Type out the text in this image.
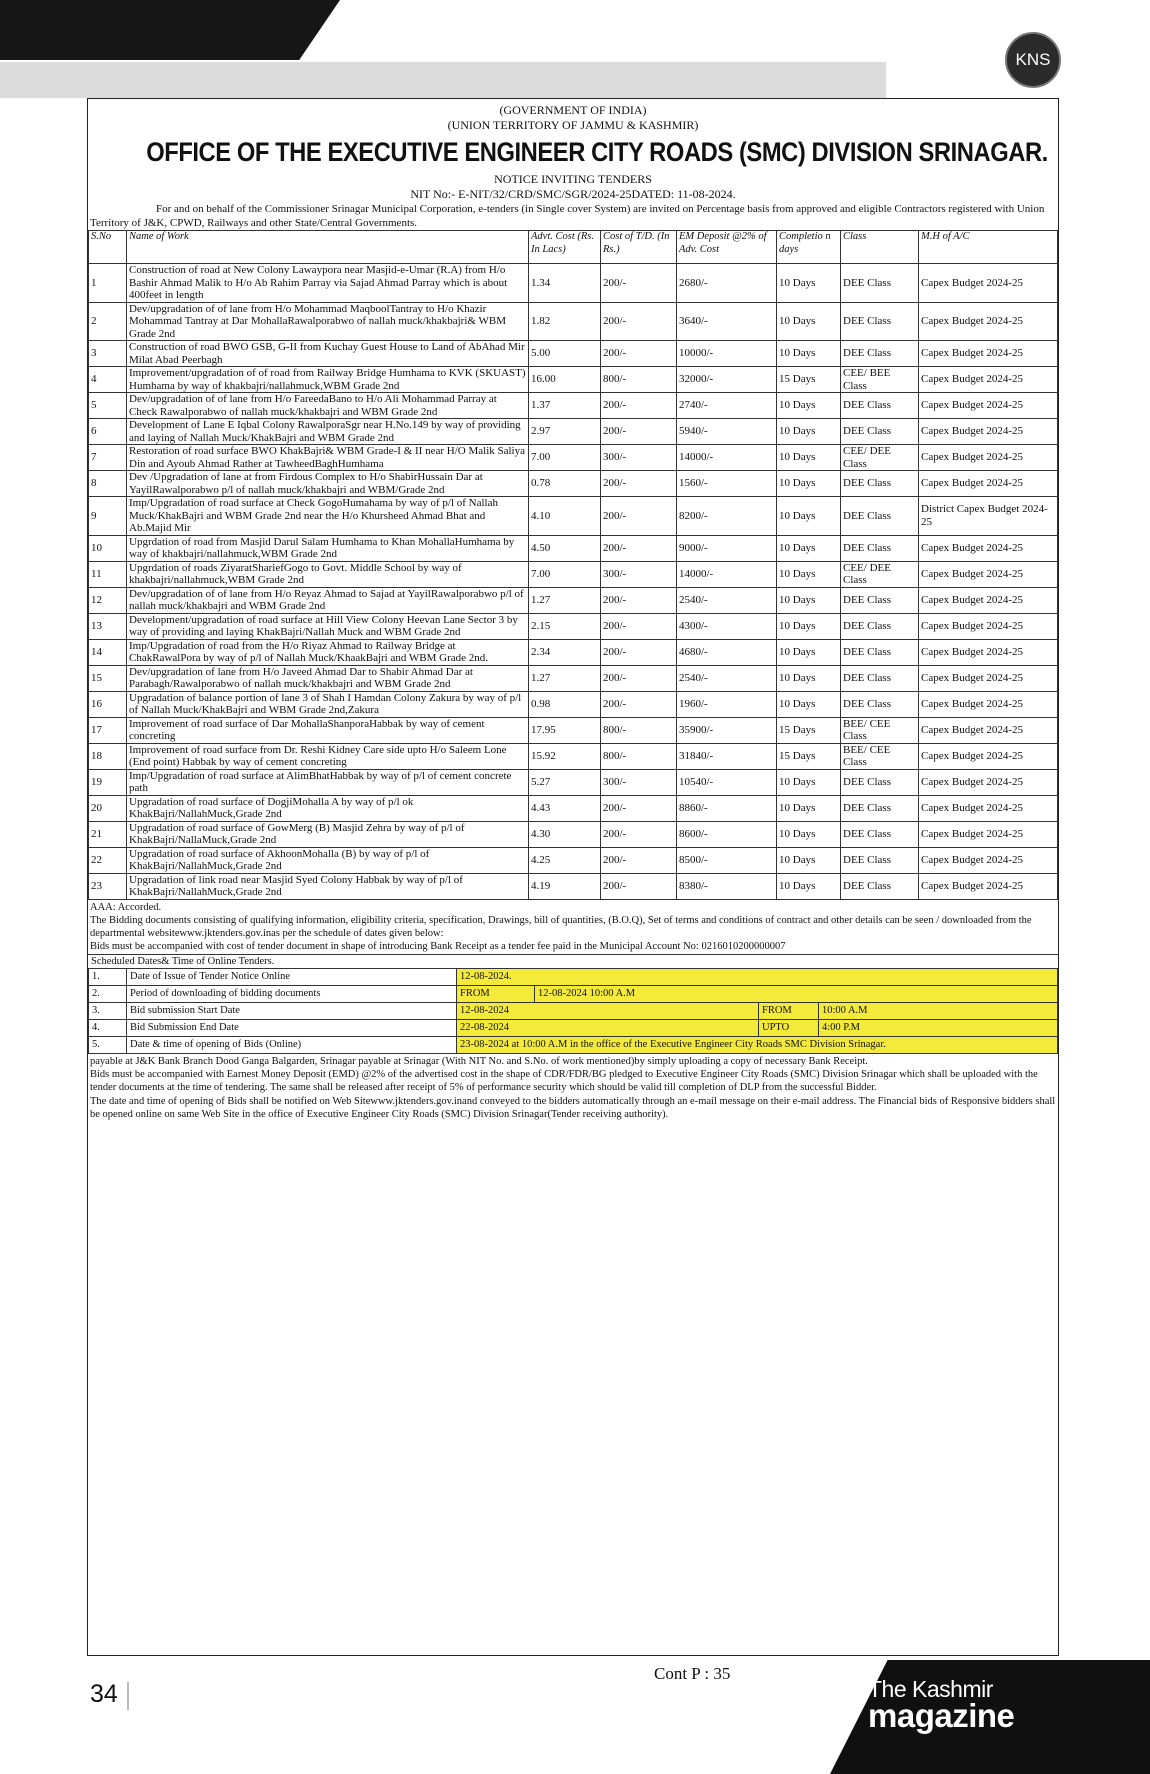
KNS
(GOVERNMENT OF INDIA)
(UNION TERRITORY OF JAMMU & KASHMIR)
OFFICE OF THE EXECUTIVE ENGINEER CITY ROADS (SMC) DIVISION SRINAGAR.
NOTICE INVITING TENDERS
NIT No:- E-NIT/32/CRD/SMC/SGR/2024-25DATED: 11-08-2024.
For and on behalf of the Commissioner Srinagar Municipal Corporation, e-tenders (in Single cover System) are invited on Percentage basis from approved and eligible Contractors registered with Union Territory of J&K, CPWD, Railways and other State/Central Governments.
S.No	Name of Work	Advt. Cost (Rs. In Lacs)	Cost of T/D. (In Rs.)	EM Deposit @2% of Adv. Cost	Completio n days	Class	M.H of A/C
1	Construction of road at New Colony Lawaypora near Masjid-e-Umar (R.A) from H/o Bashir Ahmad Malik to H/o Ab Rahim Parray via Sajad Ahmad Parray which is about 400feet in length	1.34	200/-	2680/-	10 Days	DEE Class	Capex Budget 2024-25
2	Dev/upgradation of of lane from H/o Mohammad MaqboolTantray to H/o Khazir Mohammad Tantray at Dar MohallaRawalporabwo of nallah muck/khakbajri& WBM Grade 2nd	1.82	200/-	3640/-	10 Days	DEE Class	Capex Budget 2024-25
3	Construction of road BWO GSB, G-II from Kuchay Guest House to Land of AbAhad Mir Milat Abad Peerbagh	5.00	200/-	10000/-	10 Days	DEE Class	Capex Budget 2024-25
4	Improvement/upgradation of of road from Railway Bridge Humhama to KVK (SKUAST) Humhama by way of khakbajri/nallahmuck,WBM Grade 2nd	16.00	800/-	32000/-	15 Days	CEE/ BEE Class	Capex Budget 2024-25
5	Dev/upgradation of of lane from H/o FareedaBano to H/o Ali Mohammad Parray at Check Rawalporabwo of nallah muck/khakbajri and WBM Grade 2nd	1.37	200/-	2740/-	10 Days	DEE Class	Capex Budget 2024-25
6	Development of Lane E Iqbal Colony RawalporaSgr near H.No.149 by way of providing and laying of Nallah Muck/KhakBajri and WBM Grade 2nd	2.97	200/-	5940/-	10 Days	DEE Class	Capex Budget 2024-25
7	Restoration of road surface BWO KhakBajri& WBM Grade-I & II near H/O Malik Saliya Din and Ayoub Ahmad Rather at TawheedBaghHumhama	7.00	300/-	14000/-	10 Days	CEE/ DEE Class	Capex Budget 2024-25
8	Dev /Upgradation of lane at from Firdous Complex to H/o ShabirHussain Dar at YayilRawalporabwo p/l of nallah muck/khakbajri and WBM/Grade 2nd	0.78	200/-	1560/-	10 Days	DEE Class	Capex Budget 2024-25
9	Imp/Upgradation of road surface at Check GogoHumahama by way of p/l of Nallah Muck/KhakBajri and WBM Grade 2nd near the H/o Khursheed Ahmad Bhat and Ab.Majid Mir	4.10	200/-	8200/-	10 Days	DEE Class	District Capex Budget 2024-25
10	Upgrdation of road from Masjid Darul Salam Humhama to Khan MohallaHumhama by way of khakbajri/nallahmuck,WBM Grade 2nd	4.50	200/-	9000/-	10 Days	DEE Class	Capex Budget 2024-25
11	Upgrdation of roads ZiyaratShariefGogo to Govt. Middle School by way of khakbajri/nallahmuck,WBM Grade 2nd	7.00	300/-	14000/-	10 Days	CEE/ DEE Class	Capex Budget 2024-25
12	Dev/upgradation of of lane from H/o Reyaz Ahmad to Sajad at YayilRawalporabwo p/l of nallah muck/khakbajri and WBM Grade 2nd	1.27	200/-	2540/-	10 Days	DEE Class	Capex Budget 2024-25
13	Development/upgradation of road surface at Hill View Colony Heevan Lane Sector 3 by way of providing and laying KhakBajri/Nallah Muck and WBM Grade 2nd	2.15	200/-	4300/-	10 Days	DEE Class	Capex Budget 2024-25
14	Imp/Upgradation of road from the H/o Riyaz Ahmad to Railway Bridge at ChakRawalPora by way of p/l of Nallah Muck/KhaakBajri and WBM Grade 2nd.	2.34	200/-	4680/-	10 Days	DEE Class	Capex Budget 2024-25
15	Dev/upgradation of lane from H/o Javeed Ahmad Dar to Shabir Ahmad Dar at Parabagh/Rawalporabwo of nallah muck/khakbajri and WBM Grade 2nd	1.27	200/-	2540/-	10 Days	DEE Class	Capex Budget 2024-25
16	Upgradation of balance portion of lane 3 of Shah I Hamdan Colony Zakura by way of p/l of Nallah Muck/KhakBajri and WBM Grade 2nd,Zakura	0.98	200/-	1960/-	10 Days	DEE Class	Capex Budget 2024-25
17	Improvement of road surface of Dar MohallaShanporaHabbak by way of cement concreting	17.95	800/-	35900/-	15 Days	BEE/ CEE Class	Capex Budget 2024-25
18	Improvement of road surface from Dr. Reshi Kidney Care side upto H/o Saleem Lone (End point) Habbak by way of cement concreting	15.92	800/-	31840/-	15 Days	BEE/ CEE Class	Capex Budget 2024-25
19	Imp/Upgradation of road surface at AlimBhatHabbak by way of p/l of cement concrete path	5.27	300/-	10540/-	10 Days	DEE Class	Capex Budget 2024-25
20	Upgradation of road surface of DogjiMohalla A by way of p/l ok KhakBajri/NallahMuck,Grade 2nd	4.43	200/-	8860/-	10 Days	DEE Class	Capex Budget 2024-25
21	Upgradation of road surface of GowMerg (B) Masjid Zehra by way of p/l of KhakBajri/NallaMuck,Grade 2nd	4.30	200/-	8600/-	10 Days	DEE Class	Capex Budget 2024-25
22	Upgradation of road surface of AkhoonMohalla (B) by way of p/l of KhakBajri/NallahMuck,Grade 2nd	4.25	200/-	8500/-	10 Days	DEE Class	Capex Budget 2024-25
23	Upgradation of link road near Masjid Syed Colony Habbak by way of p/l of KhakBajri/NallahMuck,Grade 2nd	4.19	200/-	8380/-	10 Days	DEE Class	Capex Budget 2024-25
AAA: Accorded.
The Bidding documents consisting of qualifying information, eligibility criteria, specification, Drawings, bill of quantities, (B.O.Q), Set of terms and conditions of contract and other details can be seen / downloaded from the departmental websitewww.jktenders.gov.inas per the schedule of dates given below:
Bids must be accompanied with cost of tender document in shape of introducing Bank Receipt as a tender fee paid in the Municipal Account No: 0216010200000007
Scheduled Dates& Time of Online Tenders.
1.	Date of Issue of Tender Notice Online	12-08-2024.			
2.	Period of downloading of bidding documents	FROM	12-08-2024 10:00 A.M		
3.	Bid submission Start Date	12-08-2024		FROM	10:00 A.M
4.	Bid Submission End Date	22-08-2024		UPTO	4:00 P.M
5.	Date & time of opening of Bids (Online)	23-08-2024 at 10:00 A.M in the office of the Executive Engineer City Roads SMC Division Srinagar.			
payable at J&K Bank Branch Dood Ganga Balgarden, Srinagar payable at Srinagar (With NIT No. and S.No. of work mentioned)by simply uploading a copy of necessary Bank Receipt.
Bids must be accompanied with Earnest Money Deposit (EMD) @2% of the advertised cost in the shape of CDR/FDR/BG pledged to Executive Engineer City Roads (SMC) Division Srinagar which shall be uploaded with the tender documents at the time of tendering. The same shall be released after receipt of 5% of performance security which should be valid till completion of DLP from the successful Bidder.
The date and time of opening of Bids shall be notified on Web Sitewww.jktenders.gov.inand conveyed to the bidders automatically through an e-mail message on their e-mail address. The Financial bids of Responsive bidders shall be opened online on same Web Site in the office of Executive Engineer City Roads (SMC) Division Srinagar(Tender receiving authority).
Cont P : 35
34	The Kashmir
magazine
